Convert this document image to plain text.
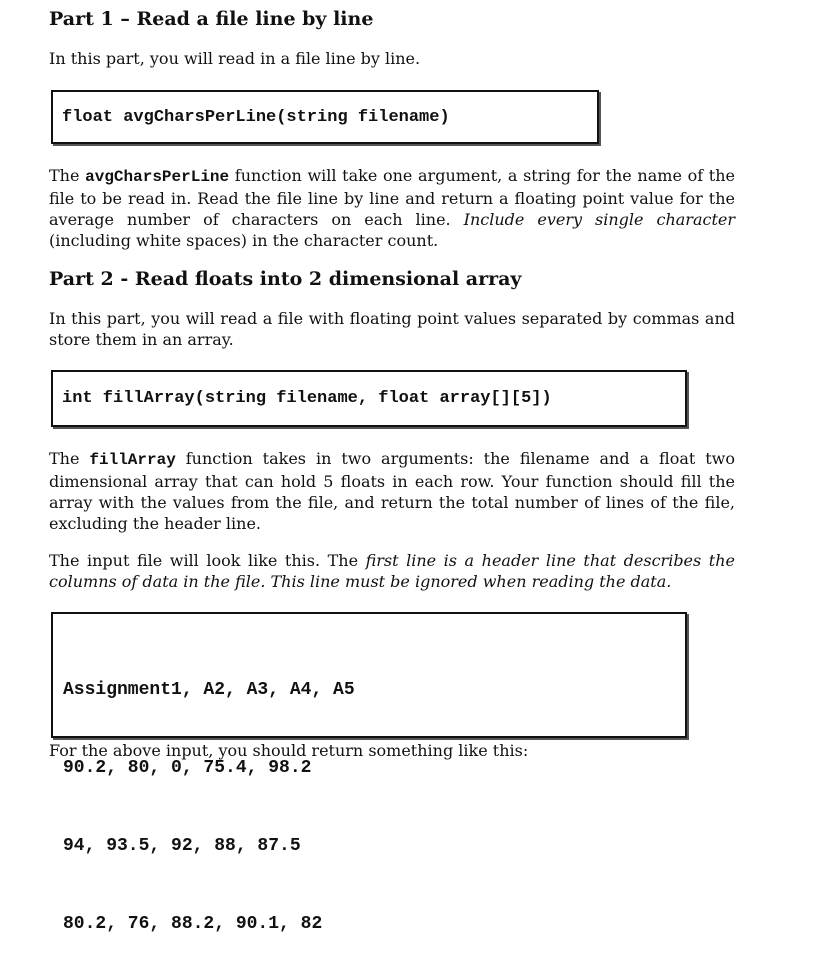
Part 1 – Read a file line by line

In this part, you will read in a file line by line.

float avgCharsPerLine(string filename)

The avgCharsPerLine function will take one argument, a string for the name of the file to be read in. Read the file line by line and return a floating point value for the average number of characters on each line. Include every single character (including white spaces) in the character count.

Part 2 - Read floats into 2 dimensional array

In this part, you will read a file with floating point values separated by commas and store them in an array.

int fillArray(string filename, float array[][5])

The fillArray function takes in two arguments: the filename and a float two dimensional array that can hold 5 floats in each row. Your function should fill the array with the values from the file, and return the total number of lines of the file, excluding the header line.

The input file will look like this. The first line is a header line that describes the columns of data in the file. This line must be ignored when reading the data.

Assignment1, A2, A3, A4, A5

90.2, 80, 0, 75.4, 98.2

94, 93.5, 92, 88, 87.5

80.2, 76, 88.2, 90.1, 82

For the above input, you should return something like this:
